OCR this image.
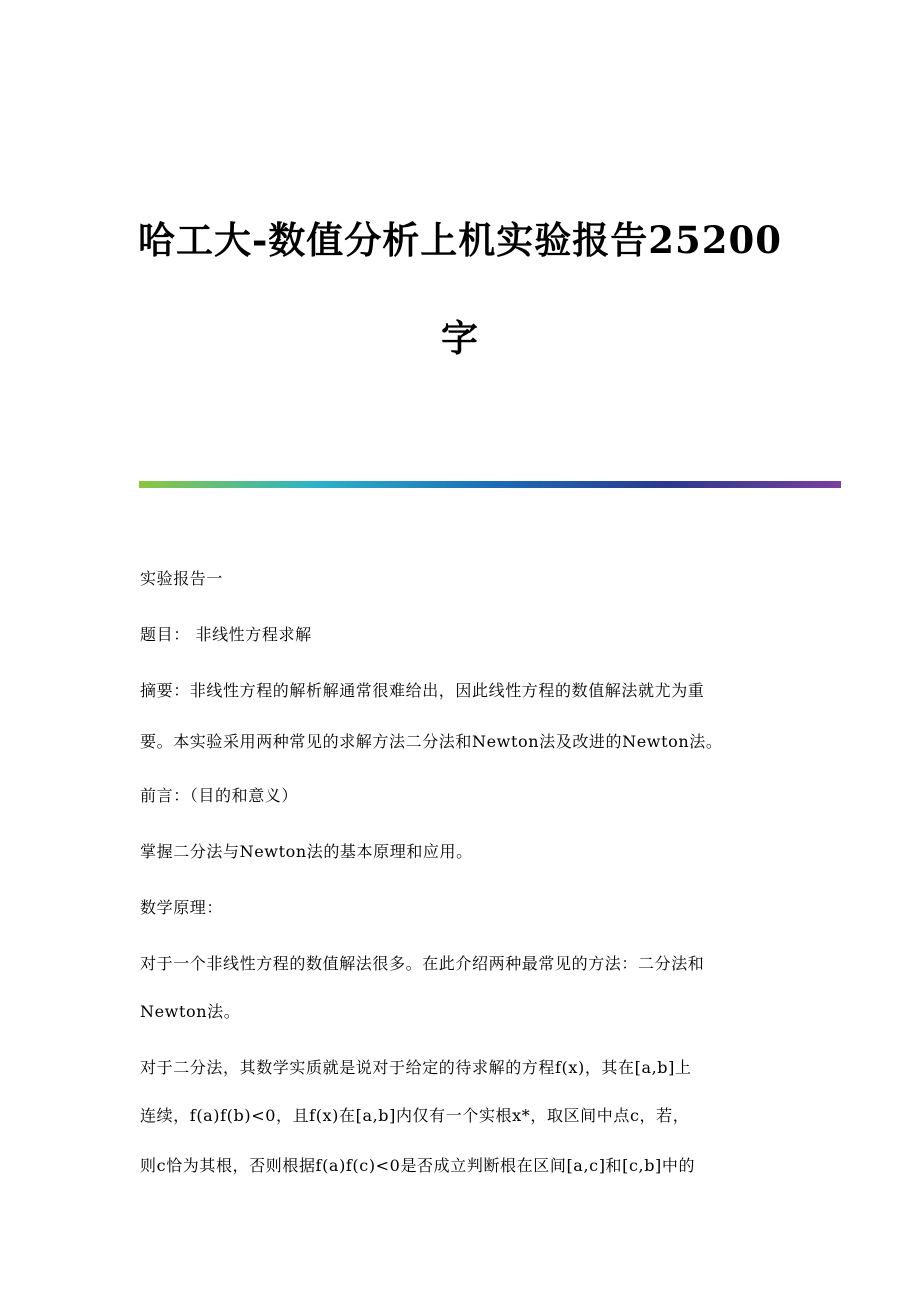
哈工大-数值分析上机实验报告25200
字
实验报告一
题目： 非线性方程求解
摘要：非线性方程的解析解通常很难给出，因此线性方程的数值解法就尤为重
要。本实验采用两种常见的求解方法二分法和Newton法及改进的Newton法。
前言：（目的和意义）
掌握二分法与Newton法的基本原理和应用。
数学原理：
对于一个非线性方程的数值解法很多。在此介绍两种最常见的方法：二分法和
Newton法。
对于二分法，其数学实质就是说对于给定的待求解的方程f(x)，其在[a,b]上
连续，f(a)f(b)<0，且f(x)在[a,b]内仅有一个实根x*，取区间中点c，若，
则c恰为其根，否则根据f(a)f(c)<0是否成立判断根在区间[a,c]和[c,b]中的
